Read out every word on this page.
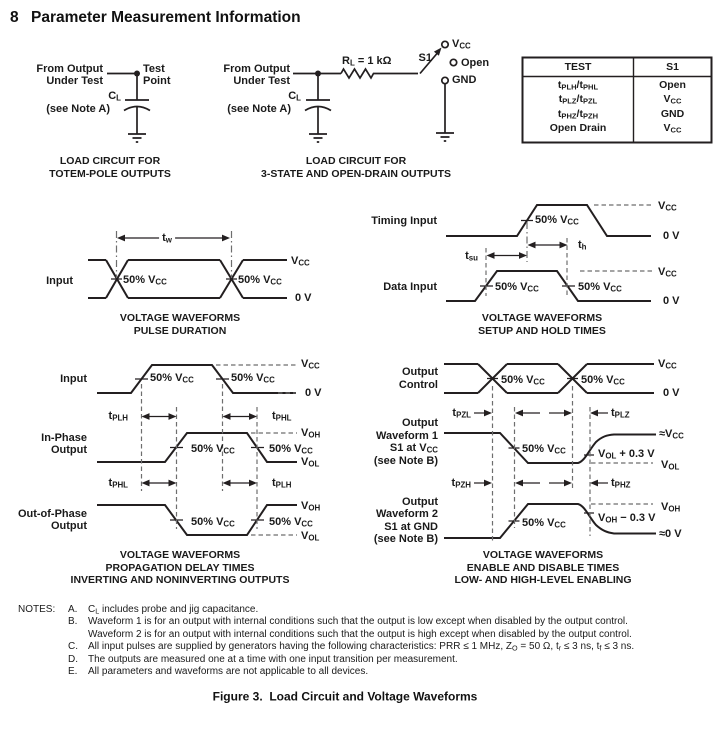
8 Parameter Measurement Information
From Output
Under Test
Test
Point
$C_L$
(see Note A)
LOAD CIRCUIT FOR
TOTEM-POLE OUTPUTS
From Output
Under Test
$R_L = 1$ kΩ S1
$V_{CC}$
Open
GND
$C_L$
(see Note A)
LOAD CIRCUIT FOR
3-STATE AND OPEN-DRAIN OUTPUTS
TEST	S1
$t_{PLH}/t_{PHL}$	Open
$t_{PLZ}/t_{PZL}$	$V_{CC}$
$t_{PHZ}/t_{PZH}$	GND
Open Drain	$V_{CC}$
Input
$t_w$
50% $V_{CC}$	50% $V_{CC}$
$V_{CC}$
0 V
VOLTAGE WAVEFORMS
PULSE DURATION
Timing Input
Data Input
50% $V_{CC}$
50% $V_{CC}$	50% $V_{CC}$
$t_{su}$
$t_h$
$V_{CC}$
0 V
$V_{CC}$
0 V
VOLTAGE WAVEFORMS
SETUP AND HOLD TIMES
Input	50% $V_{CC}$	50% $V_{CC}$
$V_{CC}$
0 V
$t_{PLH}$	$t_{PHL}$
In-Phase
Output	50% $V_{CC}$	50% $V_{CC}$
$V_{OH}$
$V_{OL}$
$t_{PHL}$	$t_{PLH}$
Out-of-Phase
Output	50% $V_{CC}$	50% $V_{CC}$
$V_{OH}$
$V_{OL}$
VOLTAGE WAVEFORMS
PROPAGATION DELAY TIMES
INVERTING AND NONINVERTING OUTPUTS
Output
Control	50% $V_{CC}$	50% $V_{CC}$
$V_{CC}$
0 V
$t_{PZL}$	$t_{PLZ}$
Output
Waveform 1
S1 at $V_{CC}$
(see Note B)
50% $V_{CC}$
$\approx V_{CC}$
$V_{OL} + 0.3$ V
$V_{OL}$
$t_{PZH}$	$t_{PHZ}$
Output
Waveform 2
S1 at GND
(see Note B)
50% $V_{CC}$
$V_{OH}$
$V_{OH} - 0.3$ V
≈0 V
VOLTAGE WAVEFORMS
ENABLE AND DISABLE TIMES
LOW- AND HIGH-LEVEL ENABLING
NOTES: A. $C_L$ includes probe and jig capacitance.
B. Waveform 1 is for an output with internal conditions such that the output is low except when disabled by the output control.
Waveform 2 is for an output with internal conditions such that the output is high except when disabled by the output control.
C. All input pulses are supplied by generators having the following characteristics: PRR ≤ 1 MHz, $Z_O = 50$ Ω, $t_r \le 3$ ns, $t_f \le 3$ ns.
D. The outputs are measured one at a time with one input transition per measurement.
E. All parameters and waveforms are not applicable to all devices.
Figure 3.  Load Circuit and Voltage Waveforms
